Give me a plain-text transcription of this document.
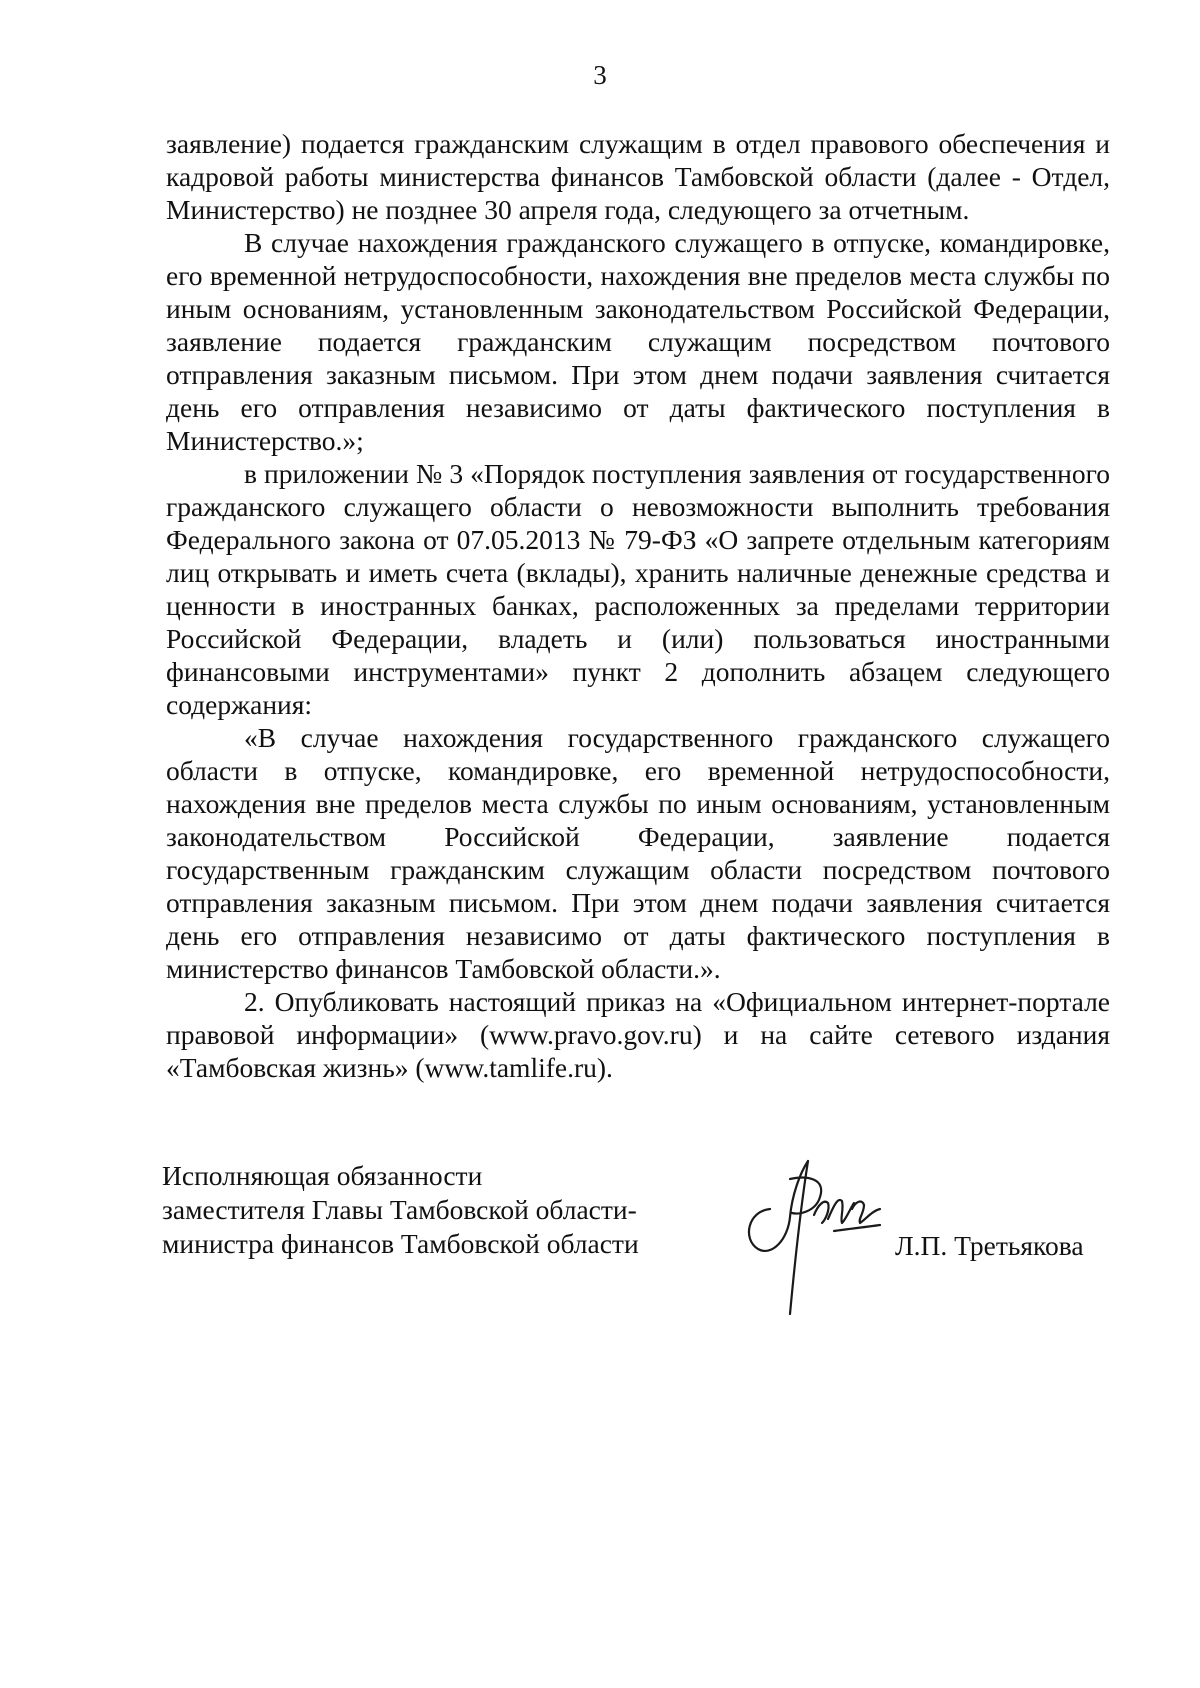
3

заявление) подается гражданским служащим в отдел правового обеспечения и кадровой работы министерства финансов Тамбовской области (далее - Отдел, Министерство) не позднее 30 апреля года, следующего за отчетным.

В случае нахождения гражданского служащего в отпуске, командировке, его временной нетрудоспособности, нахождения вне пределов места службы по иным основаниям, установленным законодательством Российской Федерации, заявление подается гражданским служащим посредством почтового отправления заказным письмом. При этом днем подачи заявления считается день его отправления независимо от даты фактического поступления в Министерство.»;

в приложении № 3 «Порядок поступления заявления от государственного гражданского служащего области о невозможности выполнить требования Федерального закона от 07.05.2013 № 79-ФЗ «О запрете отдельным категориям лиц открывать и иметь счета (вклады), хранить наличные денежные средства и ценности в иностранных банках, расположенных за пределами территории Российской Федерации, владеть и (или) пользоваться иностранными финансовыми инструментами» пункт 2 дополнить абзацем следующего содержания:

«В случае нахождения государственного гражданского служащего области в отпуске, командировке, его временной нетрудоспособности, нахождения вне пределов места службы по иным основаниям, установленным законодательством Российской Федерации, заявление подается государственным гражданским служащим области посредством почтового отправления заказным письмом. При этом днем подачи заявления считается день его отправления независимо от даты фактического поступления в министерство финансов Тамбовской области.».

2. Опубликовать настоящий приказ на «Официальном интернет-портале правовой информации» (www.pravo.gov.ru) и на сайте сетевого издания «Тамбовская жизнь» (www.tamlife.ru).

Исполняющая обязанности
заместителя Главы Тамбовской области-
министра финансов Тамбовской области	Л.П. Третьякова
